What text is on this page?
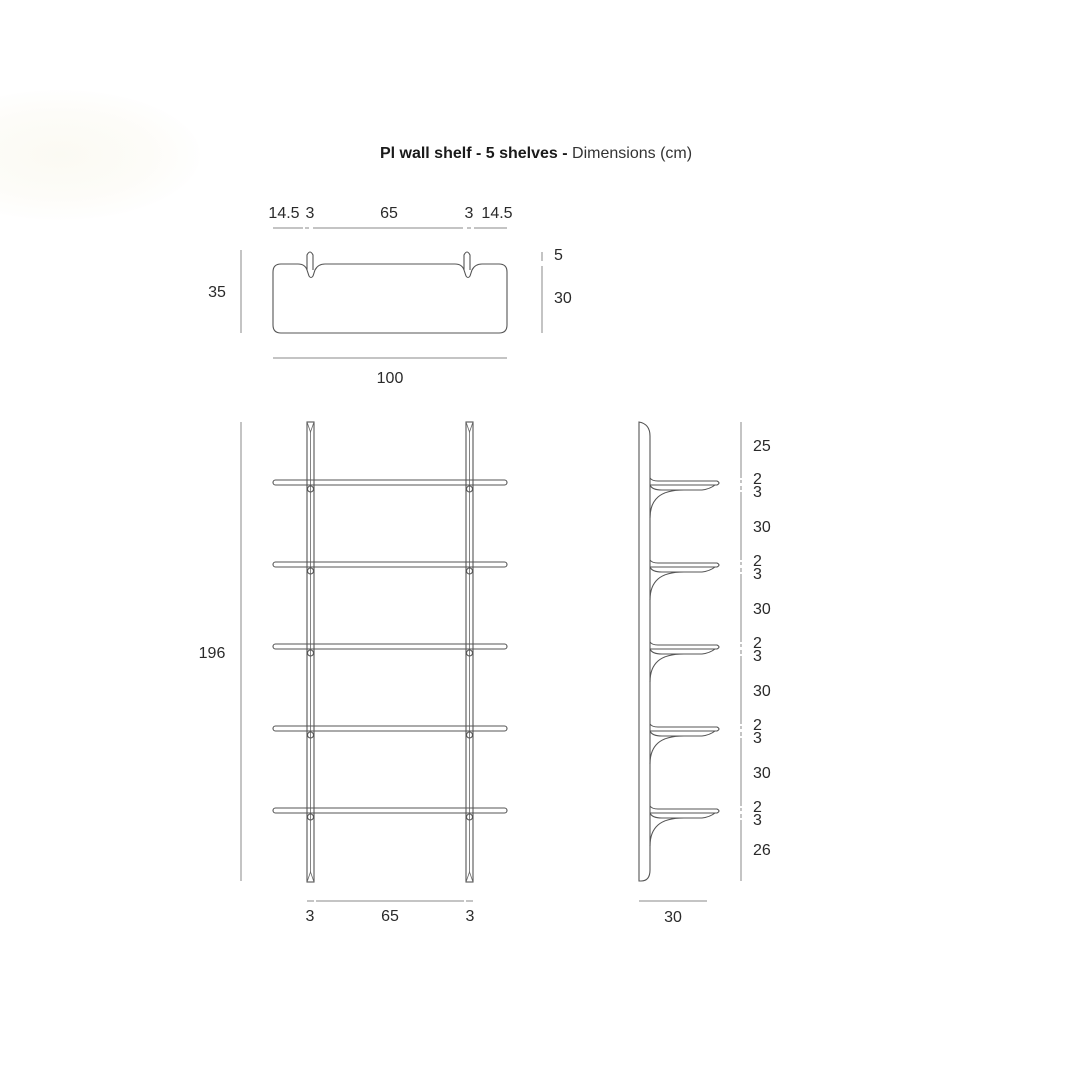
Pl wall shelf - 5 shelves - Dimensions (cm)
14.5 3	65	3 14.5
35
5
30
100
196
3	65	3
25
30
30
30
30
26
2
3
2
3
2
3
2
3
2
3
30
